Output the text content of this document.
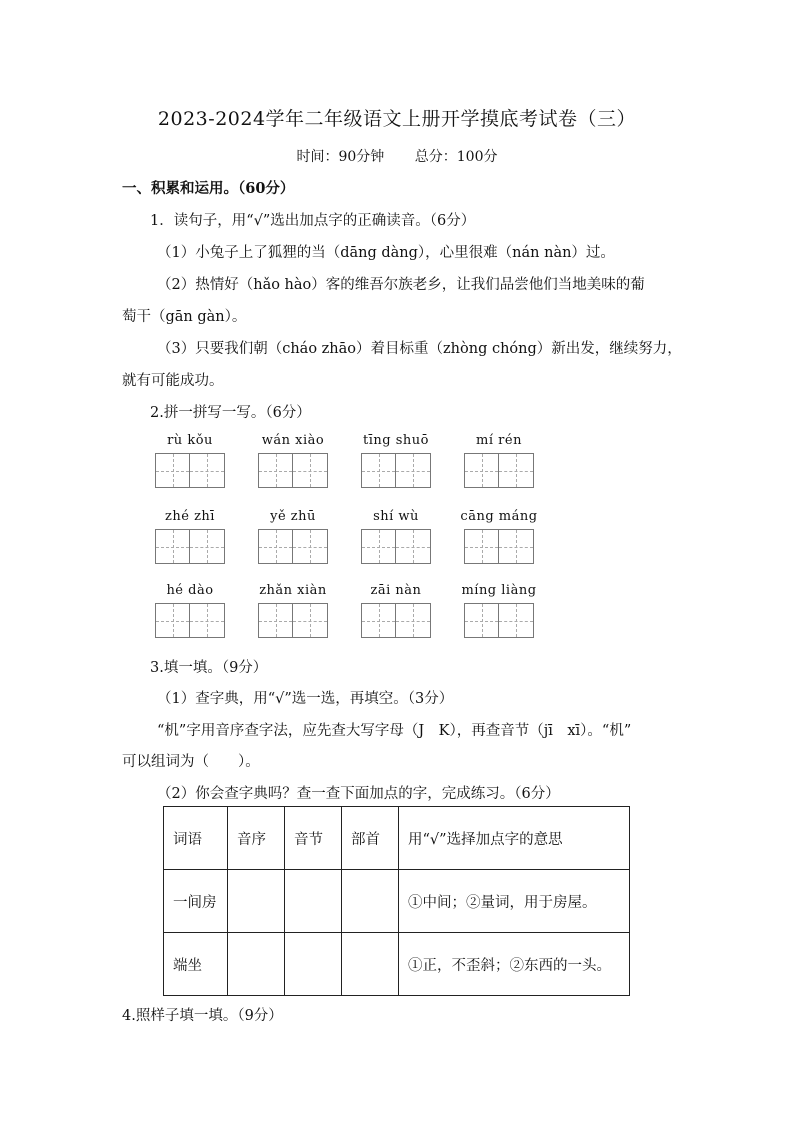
2023-2024学年二年级语文上册开学摸底考试卷（三）
时间：90分钟 总分：100分
一、积累和运用。（60分）
1．读句子，用“√”选出加点字的正确读音。（6分）
（1）小兔子上了狐狸的当（dāng dàng），心里很难（nán nàn）过。
（2）热情好（hǎo hào）客的维吾尔族老乡，让我们品尝他们当地美味的葡
萄干（gān gàn）。
（3）只要我们朝（cháo zhāo）着目标重（zhòng chóng）新出发，继续努力，
就有可能成功。
2.拼一拼写一写。（6分）
rù kǒu	wán xiào	tīng shuō	mí rén
zhé zhī	yě zhū	shí wù	cāng máng
hé dào	zhǎn xiàn	zāi nàn	míng liàng
3.填一填。（9分）
（1）查字典，用“√”选一选，再填空。（3分）
“机”字用音序查字法，应先查大写字母（J　K），再查音节（jī　xī）。“机”
可以组词为（　　）。
（2）你会查字典吗？查一查下面加点的字，完成练习。（6分）
词语	音序	音节	部首	用“√”选择加点字的意思
一间房				①中间；②量词，用于房屋。
端坐				①正，不歪斜；②东西的一头。
4.照样子填一填。（9分）
